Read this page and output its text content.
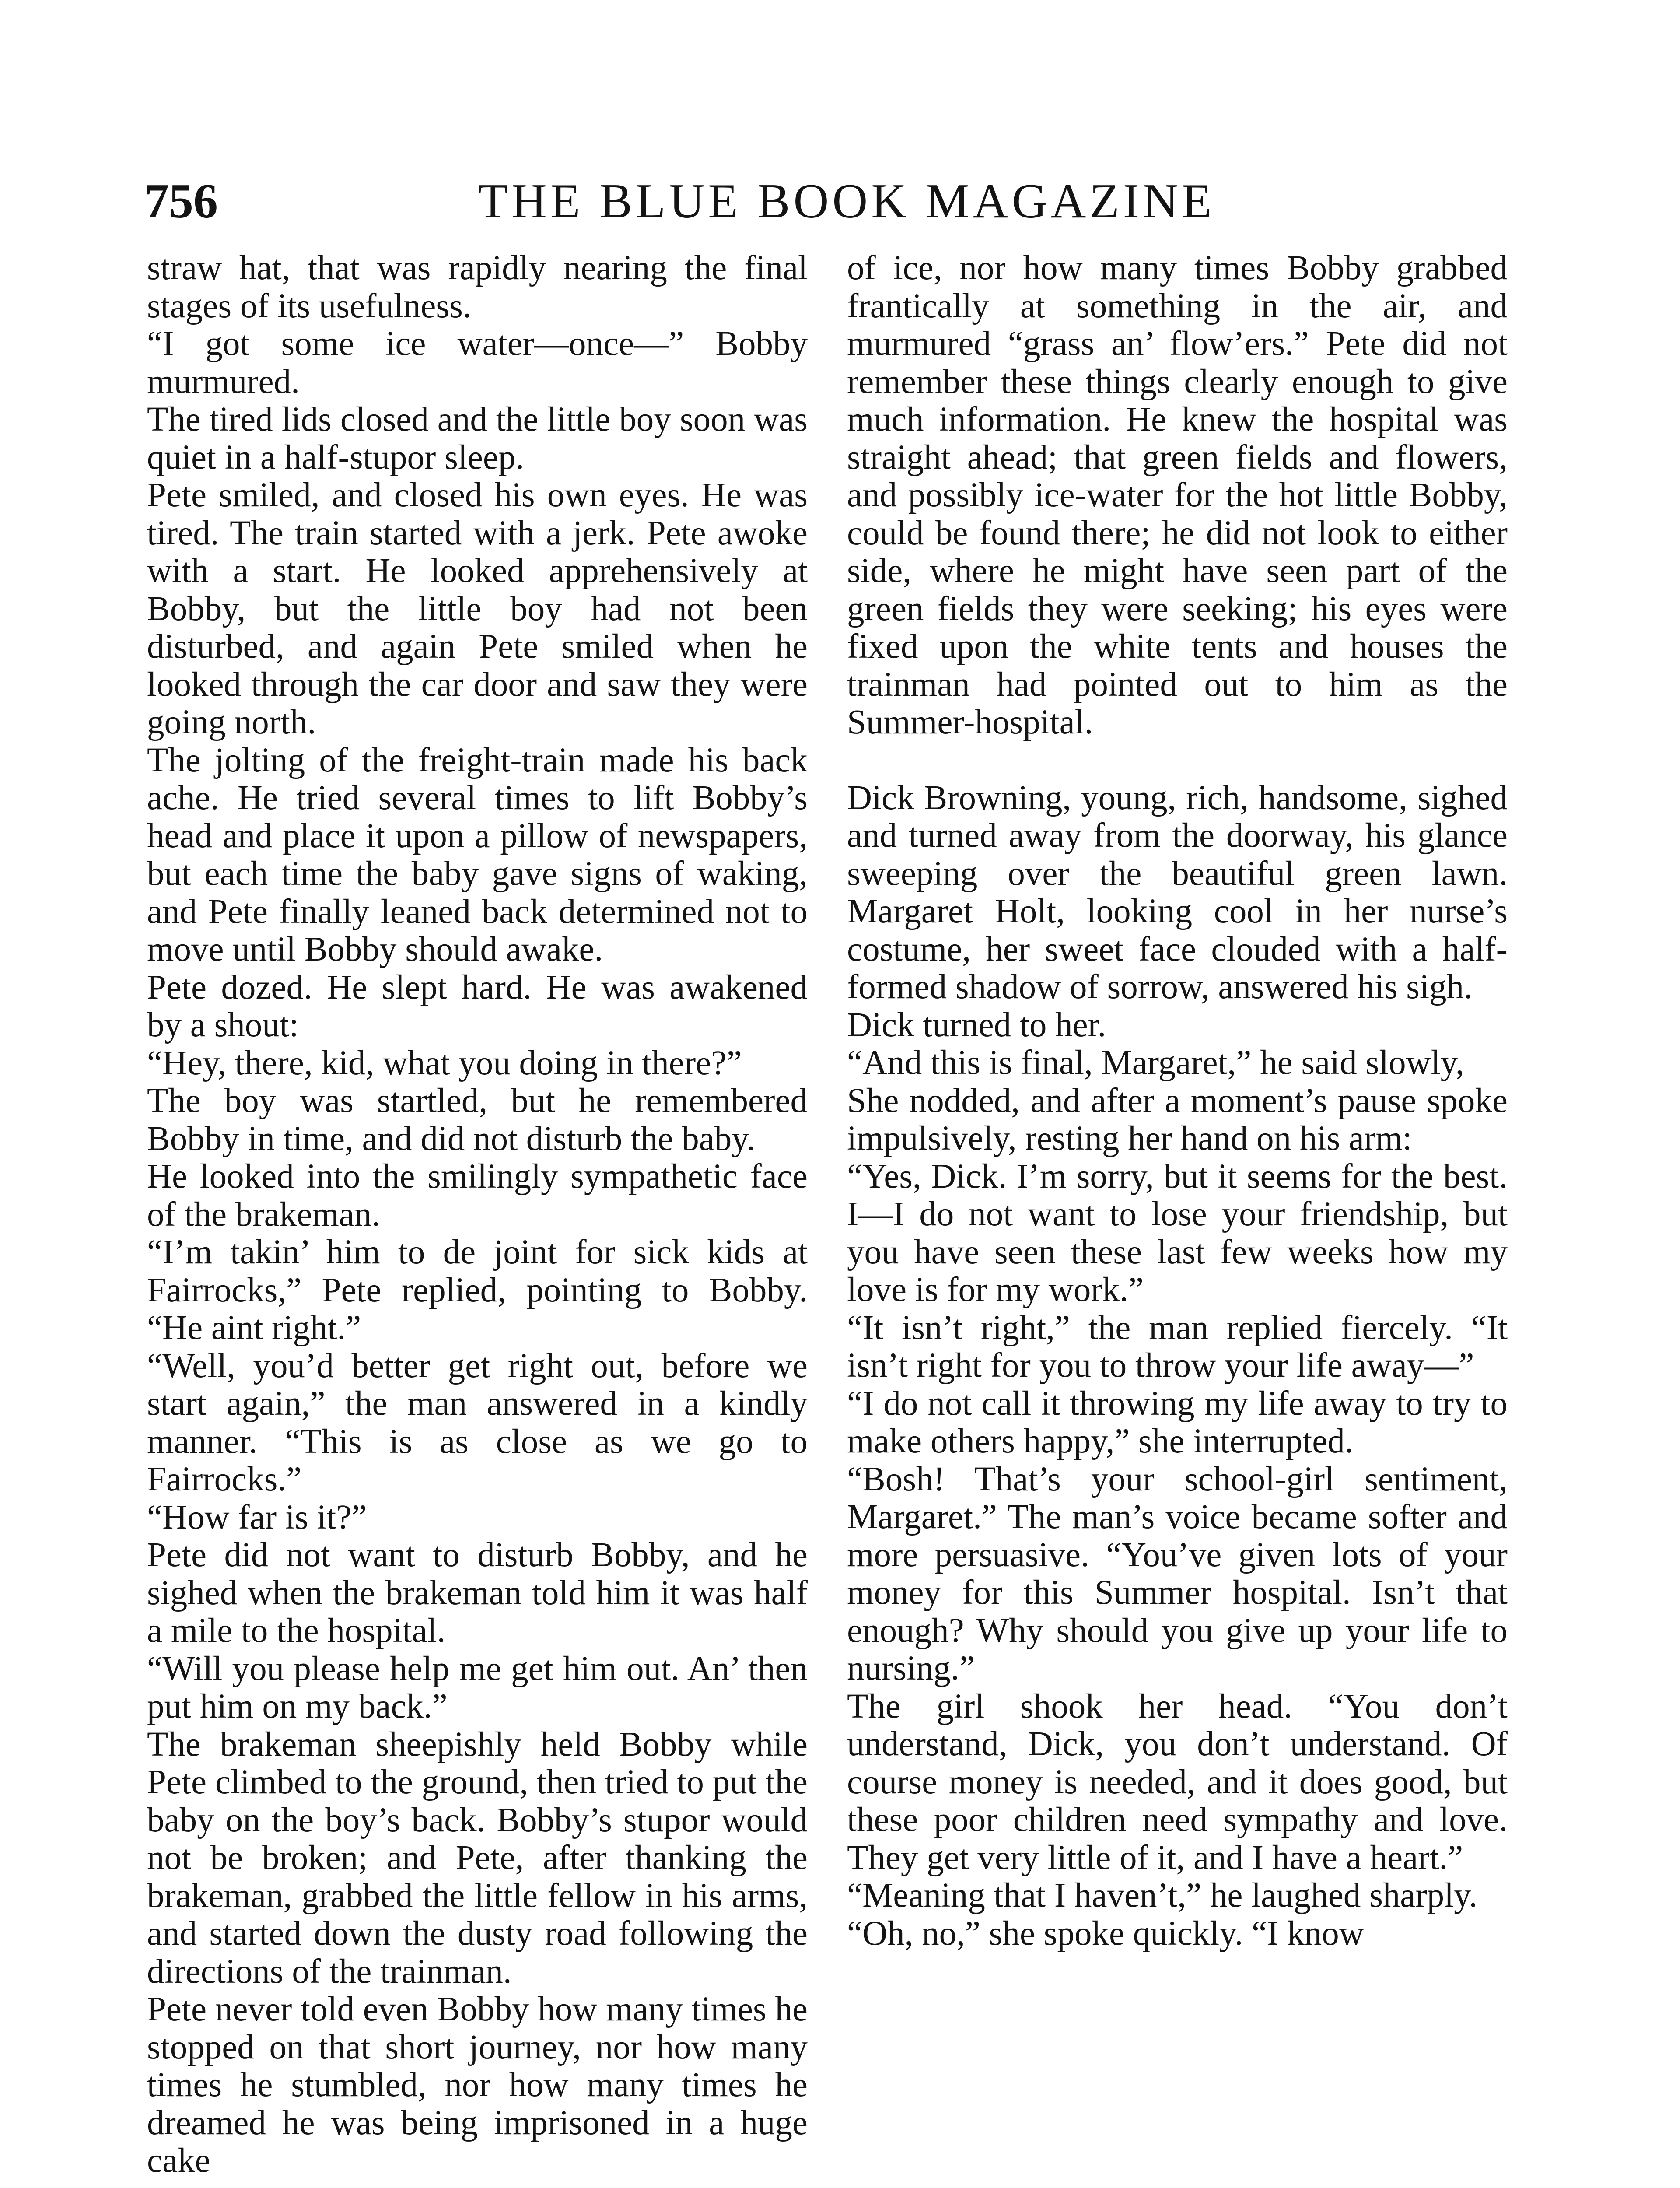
756	THE BLUE BOOK MAGAZINE

straw hat, that was rapidly nearing the final stages of its usefulness.

“I got some ice water—once—” Bobby murmured.

The tired lids closed and the little boy soon was quiet in a half-stupor sleep.

Pete smiled, and closed his own eyes. He was tired. The train started with a jerk. Pete awoke with a start. He looked apprehensively at Bobby, but the little boy had not been disturbed, and again Pete smiled when he looked through the car door and saw they were going north.

The jolting of the freight-train made his back ache. He tried several times to lift Bobby’s head and place it upon a pillow of newspapers, but each time the baby gave signs of waking, and Pete finally leaned back determined not to move until Bobby should awake.

Pete dozed. He slept hard. He was awakened by a shout:

“Hey, there, kid, what you doing in there?”

The boy was startled, but he remembered Bobby in time, and did not disturb the baby.

He looked into the smilingly sympathetic face of the brakeman.

“I’m takin’ him to de joint for sick kids at Fairrocks,” Pete replied, pointing to Bobby. “He aint right.”

“Well, you’d better get right out, before we start again,” the man answered in a kindly manner. “This is as close as we go to Fairrocks.”

“How far is it?”

Pete did not want to disturb Bobby, and he sighed when the brakeman told him it was half a mile to the hospital.

“Will you please help me get him out. An’ then put him on my back.”

The brakeman sheepishly held Bobby while Pete climbed to the ground, then tried to put the baby on the boy’s back. Bobby’s stupor would not be broken; and Pete, after thanking the brakeman, grabbed the little fellow in his arms, and started down the dusty road following the directions of the trainman.

Pete never told even Bobby how many times he stopped on that short journey, nor how many times he stumbled, nor how many times he dreamed he was being imprisoned in a huge cake

of ice, nor how many times Bobby grabbed frantically at something in the air, and murmured “grass an’ flow’ers.” Pete did not remember these things clearly enough to give much information. He knew the hospital was straight ahead; that green fields and flowers, and possibly ice-water for the hot little Bobby, could be found there; he did not look to either side, where he might have seen part of the green fields they were seeking; his eyes were fixed upon the white tents and houses the trainman had pointed out to him as the Summer-hospital.

Dick Browning, young, rich, handsome, sighed and turned away from the doorway, his glance sweeping over the beautiful green lawn. Margaret Holt, looking cool in her nurse’s costume, her sweet face clouded with a half-formed shadow of sorrow, answered his sigh.

Dick turned to her.

“And this is final, Margaret,” he said slowly,

She nodded, and after a moment’s pause spoke impulsively, resting her hand on his arm:

“Yes, Dick. I’m sorry, but it seems for the best. I—I do not want to lose your friendship, but you have seen these last few weeks how my love is for my work.”

“It isn’t right,” the man replied fiercely. “It isn’t right for you to throw your life away—”

“I do not call it throwing my life away to try to make others happy,” she interrupted.

“Bosh! That’s your school-girl sentiment, Margaret.” The man’s voice became softer and more persuasive. “You’ve given lots of your money for this Summer hospital. Isn’t that enough? Why should you give up your life to nursing.”

The girl shook her head. “You don’t understand, Dick, you don’t understand. Of course money is needed, and it does good, but these poor children need sympathy and love. They get very little of it, and I have a heart.”

“Meaning that I haven’t,” he laughed sharply.

“Oh, no,” she spoke quickly. “I know
